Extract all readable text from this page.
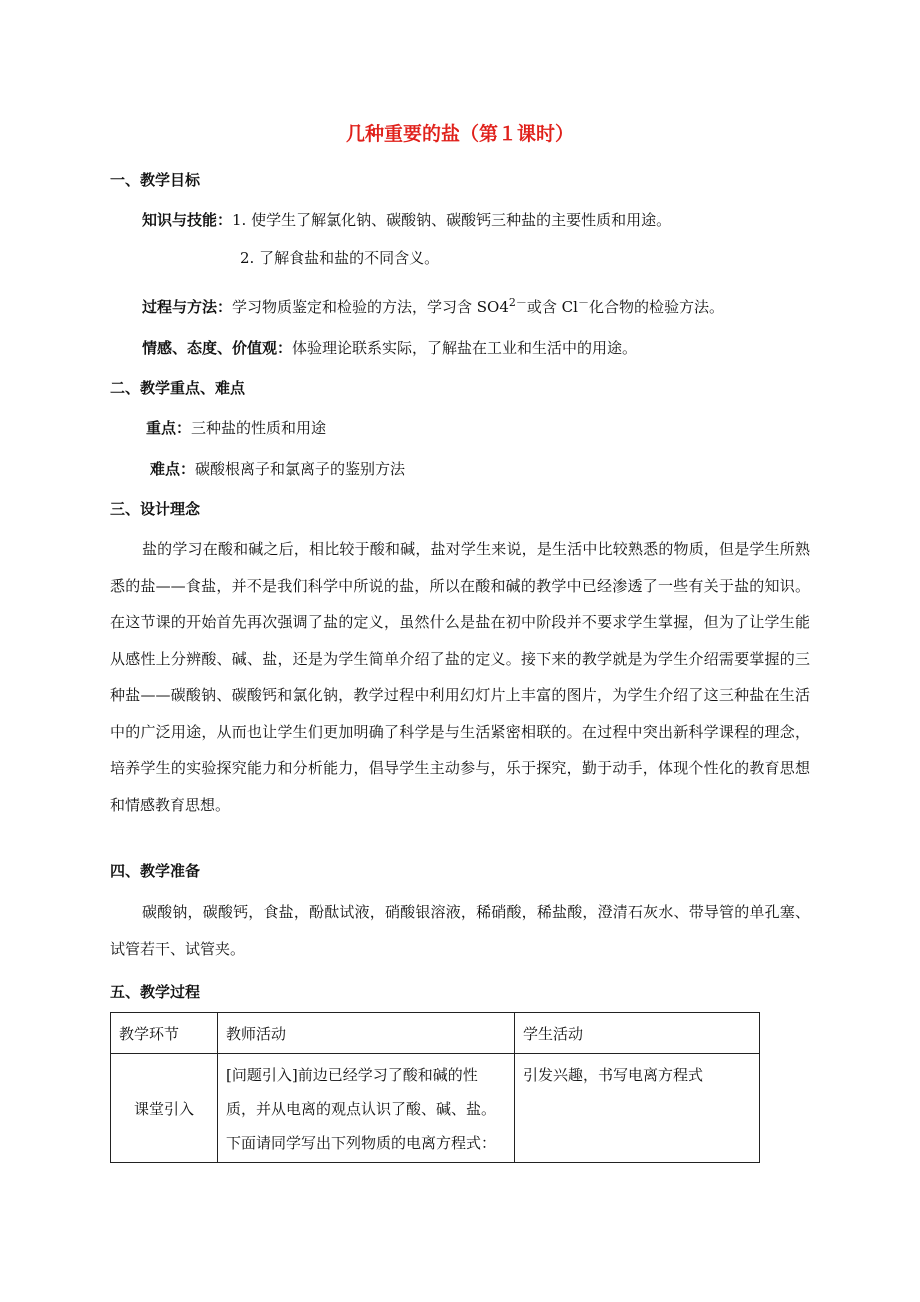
几种重要的盐（第１课时）
一、教学目标
知识与技能：1. 使学生了解氯化钠、碳酸钠、碳酸钙三种盐的主要性质和用途。
2. 了解食盐和盐的不同含义。
过程与方法：学习物质鉴定和检验的方法，学习含 $SO4^{2-}$或含 Cl－化合物的检验方法。
情感、态度、价值观：体验理论联系实际，了解盐在工业和生活中的用途。
二、教学重点、难点
重点：三种盐的性质和用途
难点：碳酸根离子和氯离子的鉴别方法
三、设计理念
盐的学习在酸和碱之后，相比较于酸和碱，盐对学生来说，是生活中比较熟悉的物质，但是学生所熟悉的盐——食盐，并不是我们科学中所说的盐，所以在酸和碱的教学中已经渗透了一些有关于盐的知识。在这节课的开始首先再次强调了盐的定义，虽然什么是盐在初中阶段并不要求学生掌握，但为了让学生能从感性上分辨酸、碱、盐，还是为学生简单介绍了盐的定义。接下来的教学就是为学生介绍需要掌握的三种盐——碳酸钠、碳酸钙和氯化钠，教学过程中利用幻灯片上丰富的图片，为学生介绍了这三种盐在生活中的广泛用途，从而也让学生们更加明确了科学是与生活紧密相联的。在过程中突出新科学课程的理念，培养学生的实验探究能力和分析能力，倡导学生主动参与，乐于探究，勤于动手，体现个性化的教育思想和情感教育思想。
四、教学准备
碳酸钠，碳酸钙，食盐，酚酞试液，硝酸银溶液，稀硝酸，稀盐酸，澄清石灰水、带导管的单孔塞、试管若干、试管夹。
五、教学过程
教学环节	教师活动	学生活动
课堂引入	[问题引入]前边已经学习了酸和碱的性
质，并从电离的观点认识了酸、碱、盐。
下面请同学写出下列物质的电离方程式：	引发兴趣，书写电离方程式
